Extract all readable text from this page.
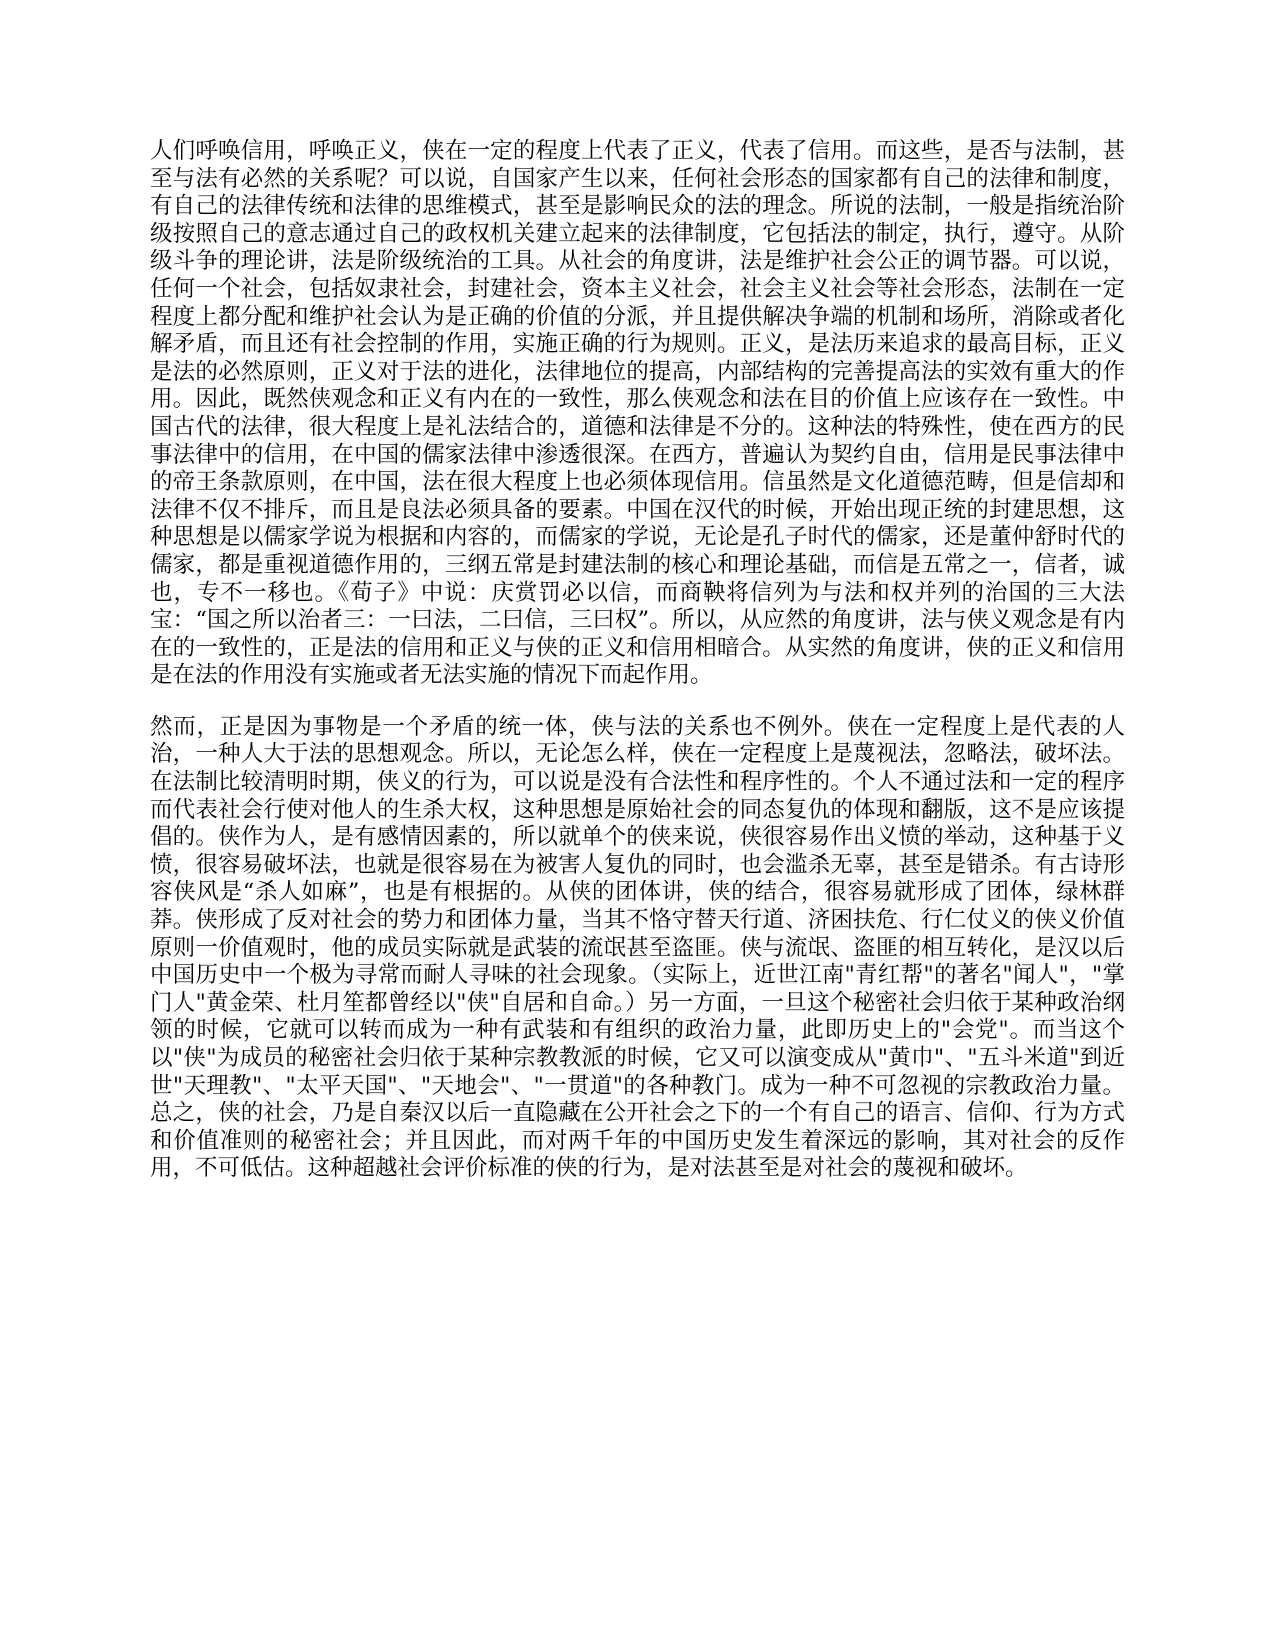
人们呼唤信用，呼唤正义，侠在一定的程度上代表了正义，代表了信用。而这些，是否与法制，甚至与法有必然的关系呢？可以说，自国家产生以来，任何社会形态的国家都有自己的法律和制度，有自己的法律传统和法律的思维模式，甚至是影响民众的法的理念。所说的法制，一般是指统治阶级按照自己的意志通过自己的政权机关建立起来的法律制度，它包括法的制定，执行，遵守。从阶级斗争的理论讲，法是阶级统治的工具。从社会的角度讲，法是维护社会公正的调节器。可以说，任何一个社会，包括奴隶社会，封建社会，资本主义社会，社会主义社会等社会形态，法制在一定程度上都分配和维护社会认为是正确的价值的分派，并且提供解决争端的机制和场所，消除或者化解矛盾，而且还有社会控制的作用，实施正确的行为规则。正义，是法历来追求的最高目标，正义是法的必然原则，正义对于法的进化，法律地位的提高，内部结构的完善提高法的实效有重大的作用。因此，既然侠观念和正义有内在的一致性，那么侠观念和法在目的价值上应该存在一致性。中国古代的法律，很大程度上是礼法结合的，道德和法律是不分的。这种法的特殊性，使在西方的民事法律中的信用，在中国的儒家法律中渗透很深。在西方，普遍认为契约自由，信用是民事法律中的帝王条款原则，在中国，法在很大程度上也必须体现信用。信虽然是文化道德范畴，但是信却和法律不仅不排斥，而且是良法必须具备的要素。中国在汉代的时候，开始出现正统的封建思想，这种思想是以儒家学说为根据和内容的，而儒家的学说，无论是孔子时代的儒家，还是董仲舒时代的儒家，都是重视道德作用的，三纲五常是封建法制的核心和理论基础，而信是五常之一，信者，诚也，专不一移也。《荀子》中说：庆赏罚必以信，而商鞅将信列为与法和权并列的治国的三大法宝：“国之所以治者三：一曰法，二曰信，三曰权”。所以，从应然的角度讲，法与侠义观念是有内在的一致性的，正是法的信用和正义与侠的正义和信用相暗合。从实然的角度讲，侠的正义和信用是在法的作用没有实施或者无法实施的情况下而起作用。

然而，正是因为事物是一个矛盾的统一体，侠与法的关系也不例外。侠在一定程度上是代表的人治，一种人大于法的思想观念。所以，无论怎么样，侠在一定程度上是蔑视法，忽略法，破坏法。在法制比较清明时期，侠义的行为，可以说是没有合法性和程序性的。个人不通过法和一定的程序而代表社会行使对他人的生杀大权，这种思想是原始社会的同态复仇的体现和翻版，这不是应该提倡的。侠作为人，是有感情因素的，所以就单个的侠来说，侠很容易作出义愤的举动，这种基于义愤，很容易破坏法，也就是很容易在为被害人复仇的同时，也会滥杀无辜，甚至是错杀。有古诗形容侠风是“杀人如麻”，也是有根据的。从侠的团体讲，侠的结合，很容易就形成了团体，绿林群莽。侠形成了反对社会的势力和团体力量，当其不恪守替天行道、济困扶危、行仁仗义的侠义价值原则一价值观时，他的成员实际就是武装的流氓甚至盗匪。侠与流氓、盗匪的相互转化，是汉以后中国历史中一个极为寻常而耐人寻味的社会现象。（实际上，近世江南"青红帮"的著名"闻人"，"掌门人"黄金荣、杜月笙都曾经以"侠"自居和自命。）另一方面，一旦这个秘密社会归依于某种政治纲领的时候，它就可以转而成为一种有武装和有组织的政治力量，此即历史上的"会党"。而当这个以"侠"为成员的秘密社会归依于某种宗教教派的时候，它又可以演变成从"黄巾"、"五斗米道"到近世"天理教"、"太平天国"、"天地会"、"一贯道"的各种教门。成为一种不可忽视的宗教政治力量。总之，侠的社会，乃是自秦汉以后一直隐藏在公开社会之下的一个有自己的语言、信仰、行为方式和价值准则的秘密社会；并且因此，而对两千年的中国历史发生着深远的影响，其对社会的反作用，不可低估。这种超越社会评价标准的侠的行为，是对法甚至是对社会的蔑视和破坏。
